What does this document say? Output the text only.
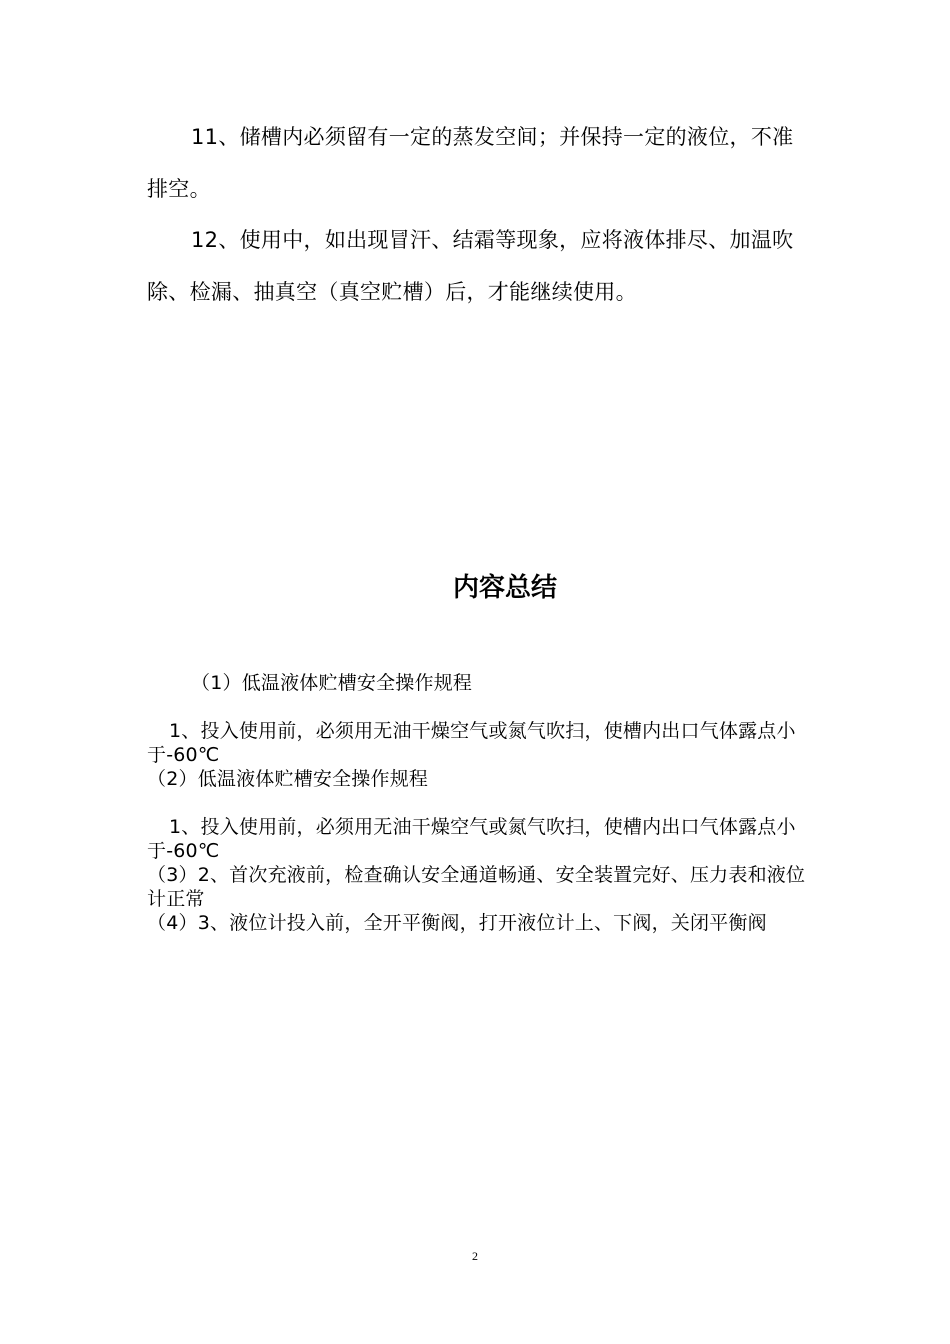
11、储槽内必须留有一定的蒸发空间；并保持一定的液位，不准排空。

12、使用中，如出现冒汗、结霜等现象，应将液体排尽、加温吹除、检漏、抽真空（真空贮槽）后，才能继续使用。

内容总结

（1）低温液体贮槽安全操作规程

1、投入使用前，必须用无油干燥空气或氮气吹扫，使槽内出口气体露点小于-60℃

（2）低温液体贮槽安全操作规程

1、投入使用前，必须用无油干燥空气或氮气吹扫，使槽内出口气体露点小于-60℃

（3）2、首次充液前，检查确认安全通道畅通、安全装置完好、压力表和液位计正常

（4）3、液位计投入前，全开平衡阀，打开液位计上、下阀，关闭平衡阀

2
